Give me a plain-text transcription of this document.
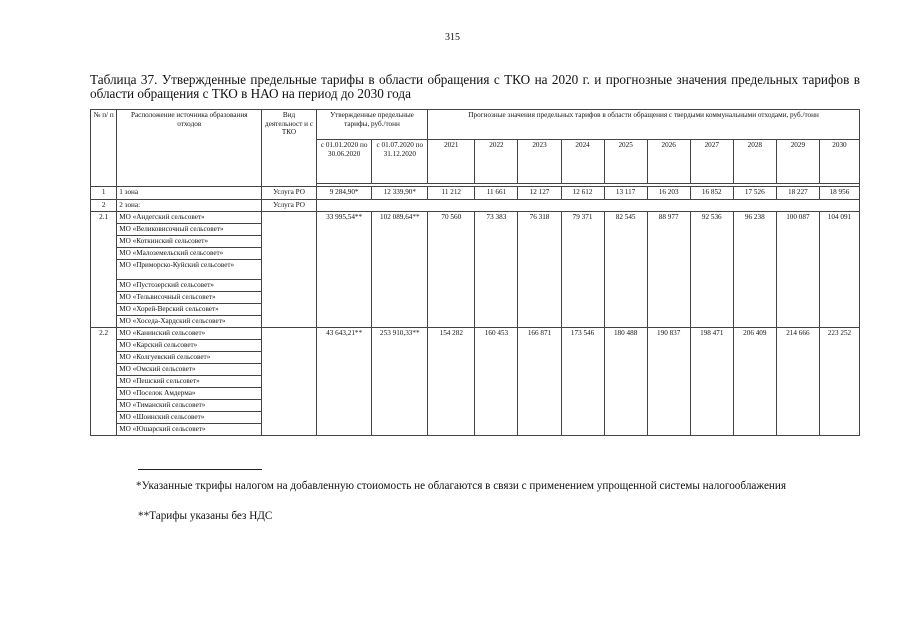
315
Таблица 37. Утвержденные предельные тарифы в области обращения с ТКО на 2020 г. и прогнозные значения предельных тарифов в области обращения с ТКО в НАО на период до 2030 года
№ п/ п	Расположение источника образования отходов	Вид деятельност и с ТКО	Утвержденные предельные тарифы, руб./тонн		Прогнозные значения предельных тарифов в области обращения с твердыми коммунальными отходами, руб./тонн									
			с 01.01.2020 по 30.06.2020	с 01.07.2020 по 31.12.2020	2021	2022	2023	2024	2025	2026	2027	2028	2029	2030

1	1 зона	Услуга РО	9 284,90*	12 339,90*	11 212	11 661	12 127	12 612	13 117	16 203	16 852	17 526	18 227	18 956
2	2 зона:	Услуга РО												
2.1	МО «Андегский сельсовет»		33 995,54**	102 089,64**	70 560	73 383	76 318	79 371	82 545	88 977	92 536	96 238	100 087	104 091
	МО «Великовисочный сельсовет»													
	МО «Коткинский сельсовет»													
	МО «Малоземельский сельсовет»													
	МО «Приморско-Куйский сельсовет»													
	МО «Пустозерский сельсовет»													
	МО «Тельвисочный сельсовет»													
	МО «Хорей-Верский сельсовет»													
	МО «Хоседа-Хардский сельсовет»													
2.2	МО «Канинский сельсовет»		43 643,21**	253 910,33**	154 282	160 453	166 871	173 546	180 488	190 837	198 471	206 409	214 666	223 252
	МО «Карский сельсовет»													
	МО «Колгуевский сельсовет»													
	МО «Омский сельсовет»													
	МО «Пешский сельсовет»													
	МО «Поселок Амдерма»													
	МО «Тиманский сельсовет»													
	МО «Шоинский сельсовет»													
	МО «Юшарский сельсовет»													
*Указанные ткрифы налогом на добавленную стоиомость не облагаются в связи с применением упрощенной системы налогооблажения
**Тарифы указаны без НДС
